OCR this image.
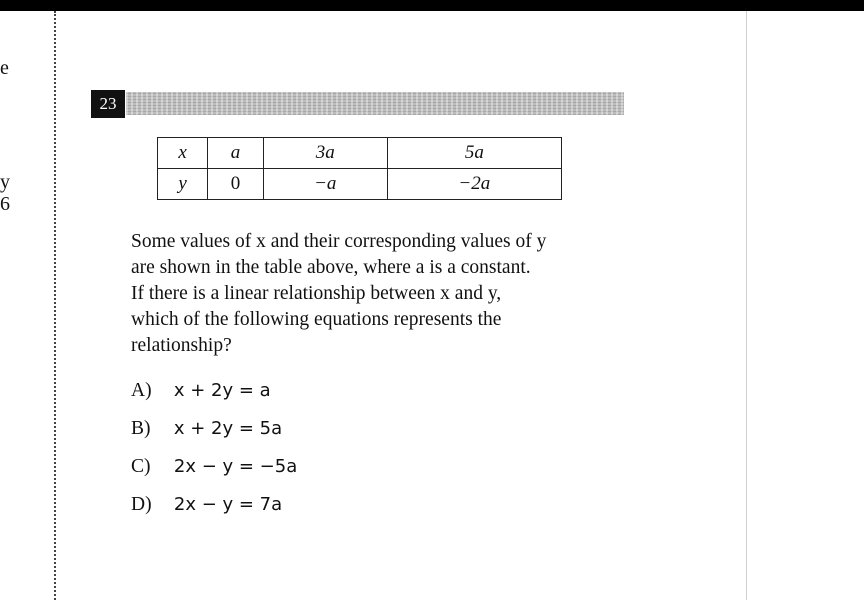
e
y
6
23
x	a	3a	5a
y	0	−a	−2a
Some values of x and their corresponding values of y
are shown in the table above, where a is a constant.
If there is a linear relationship between x and y,
which of the following equations represents the
relationship?
A) x + 2y = a
B) x + 2y = 5a
C) 2x − y = −5a
D) 2x − y = 7a
